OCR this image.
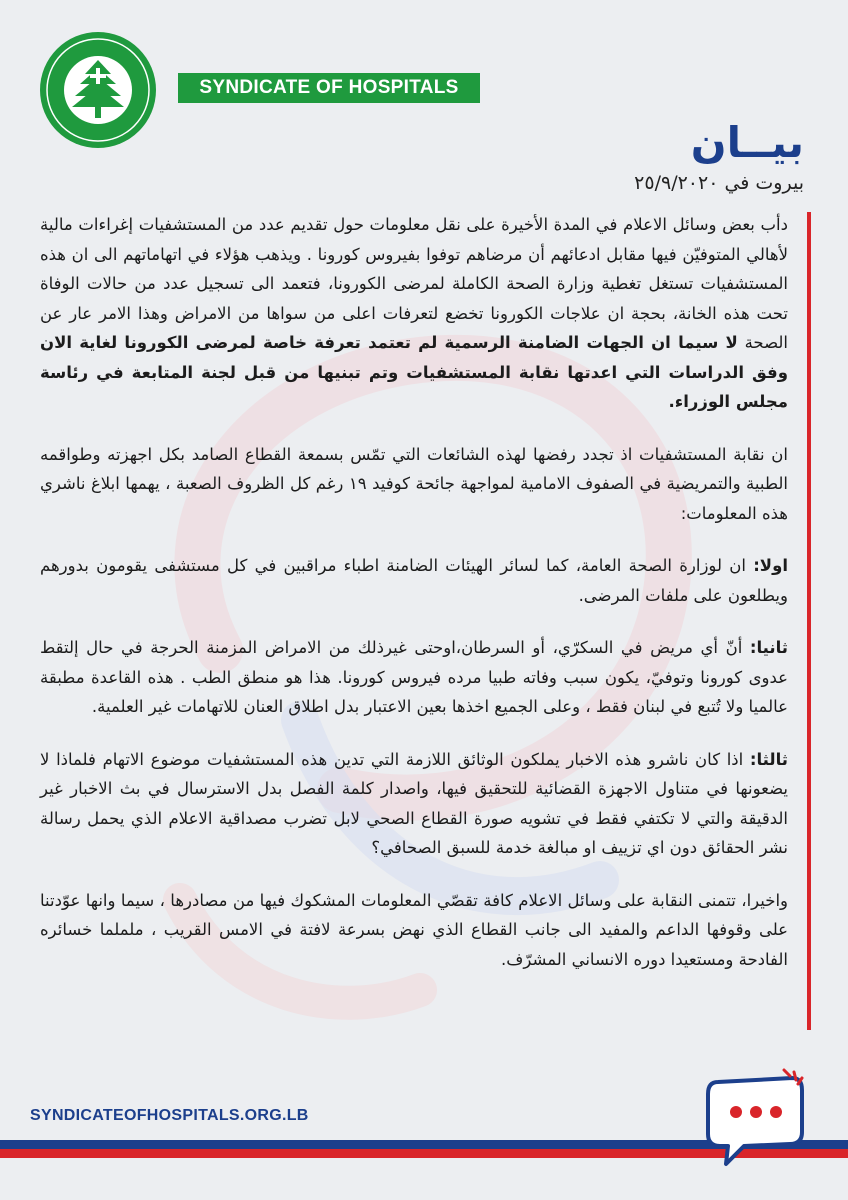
SYNDICATE OF HOSPITALS
بيــان
بيروت في ٢٥/٩/٢٠٢٠

دأب بعض وسائل الاعلام في المدة الأخيرة على نقل معلومات حول تقديم عدد من المستشفيات إغراءات مالية لأهالي المتوفيّن فيها مقابل ادعائهم أن مرضاهم توفوا بفيروس كورونا . ويذهب هؤلاء في اتهاماتهم الى ان هذه المستشفيات تستغل تغطية وزارة الصحة الكاملة لمرضى الكورونا، فتعمد الى تسجيل عدد من حالات الوفاة تحت هذه الخانة، بحجة ان علاجات الكورونا تخضع لتعرفات اعلى من سواها من الامراض وهذا الامر عار عن الصحة لا سيما ان الجهات الضامنة الرسمية لم تعتمد تعرفة خاصة لمرضى الكورونا لغاية الان وفق الدراسات التي اعدتها نقابة المستشفيات وتم تبنيها من قبل لجنة المتابعة في رئاسة مجلس الوزراء.

ان نقابة المستشفيات اذ تجدد رفضها لهذه الشائعات التي تمّس بسمعة القطاع الصامد بكل اجهزته وطواقمه الطبية والتمريضية في الصفوف الامامية لمواجهة جائحة كوفيد ١٩ رغم كل الظروف الصعبة ، يهمها ابلاغ ناشري هذه المعلومات:

اولا: ان لوزارة الصحة العامة، كما لسائر الهيئات الضامنة اطباء مراقبين في كل مستشفى يقومون بدورهم ويطلعون على ملفات المرضى.

ثانيا: أنّ أي مريض في السكرّي، أو السرطان،اوحتى غيرذلك من الامراض المزمنة الحرجة في حال إلتقط عدوى كورونا وتوفيّ، يكون سبب وفاته طبيا مرده فيروس كورونا. هذا هو منطق الطب . هذه القاعدة مطبقة عالميا ولا تُتبع في لبنان فقط ، وعلى الجميع اخذها بعين الاعتبار بدل اطلاق العنان للاتهامات غير العلمية.

ثالثا: اذا كان ناشرو هذه الاخبار يملكون الوثائق اللازمة التي تدين هذه المستشفيات موضوع الاتهام فلماذا لا يضعونها في متناول الاجهزة القضائية للتحقيق فيها، واصدار كلمة الفصل بدل الاسترسال في بث الاخبار غير الدقيقة والتي لا تكتفي فقط في تشويه صورة القطاع الصحي لابل تضرب مصداقية الاعلام الذي يحمل رسالة نشر الحقائق دون اي تزييف او مبالغة خدمة للسبق الصحافي؟

واخيرا، تتمنى النقابة على وسائل الاعلام كافة تقصّي المعلومات المشكوك فيها من مصادرها ، سيما وانها عوّدتنا على وقوفها الداعم والمفيد الى جانب القطاع الذي نهض بسرعة لافتة في الامس القريب ، ململما خسائره الفادحة ومستعيدا دوره الانساني المشرّف.

SYNDICATEOFHOSPITALS.ORG.LB
